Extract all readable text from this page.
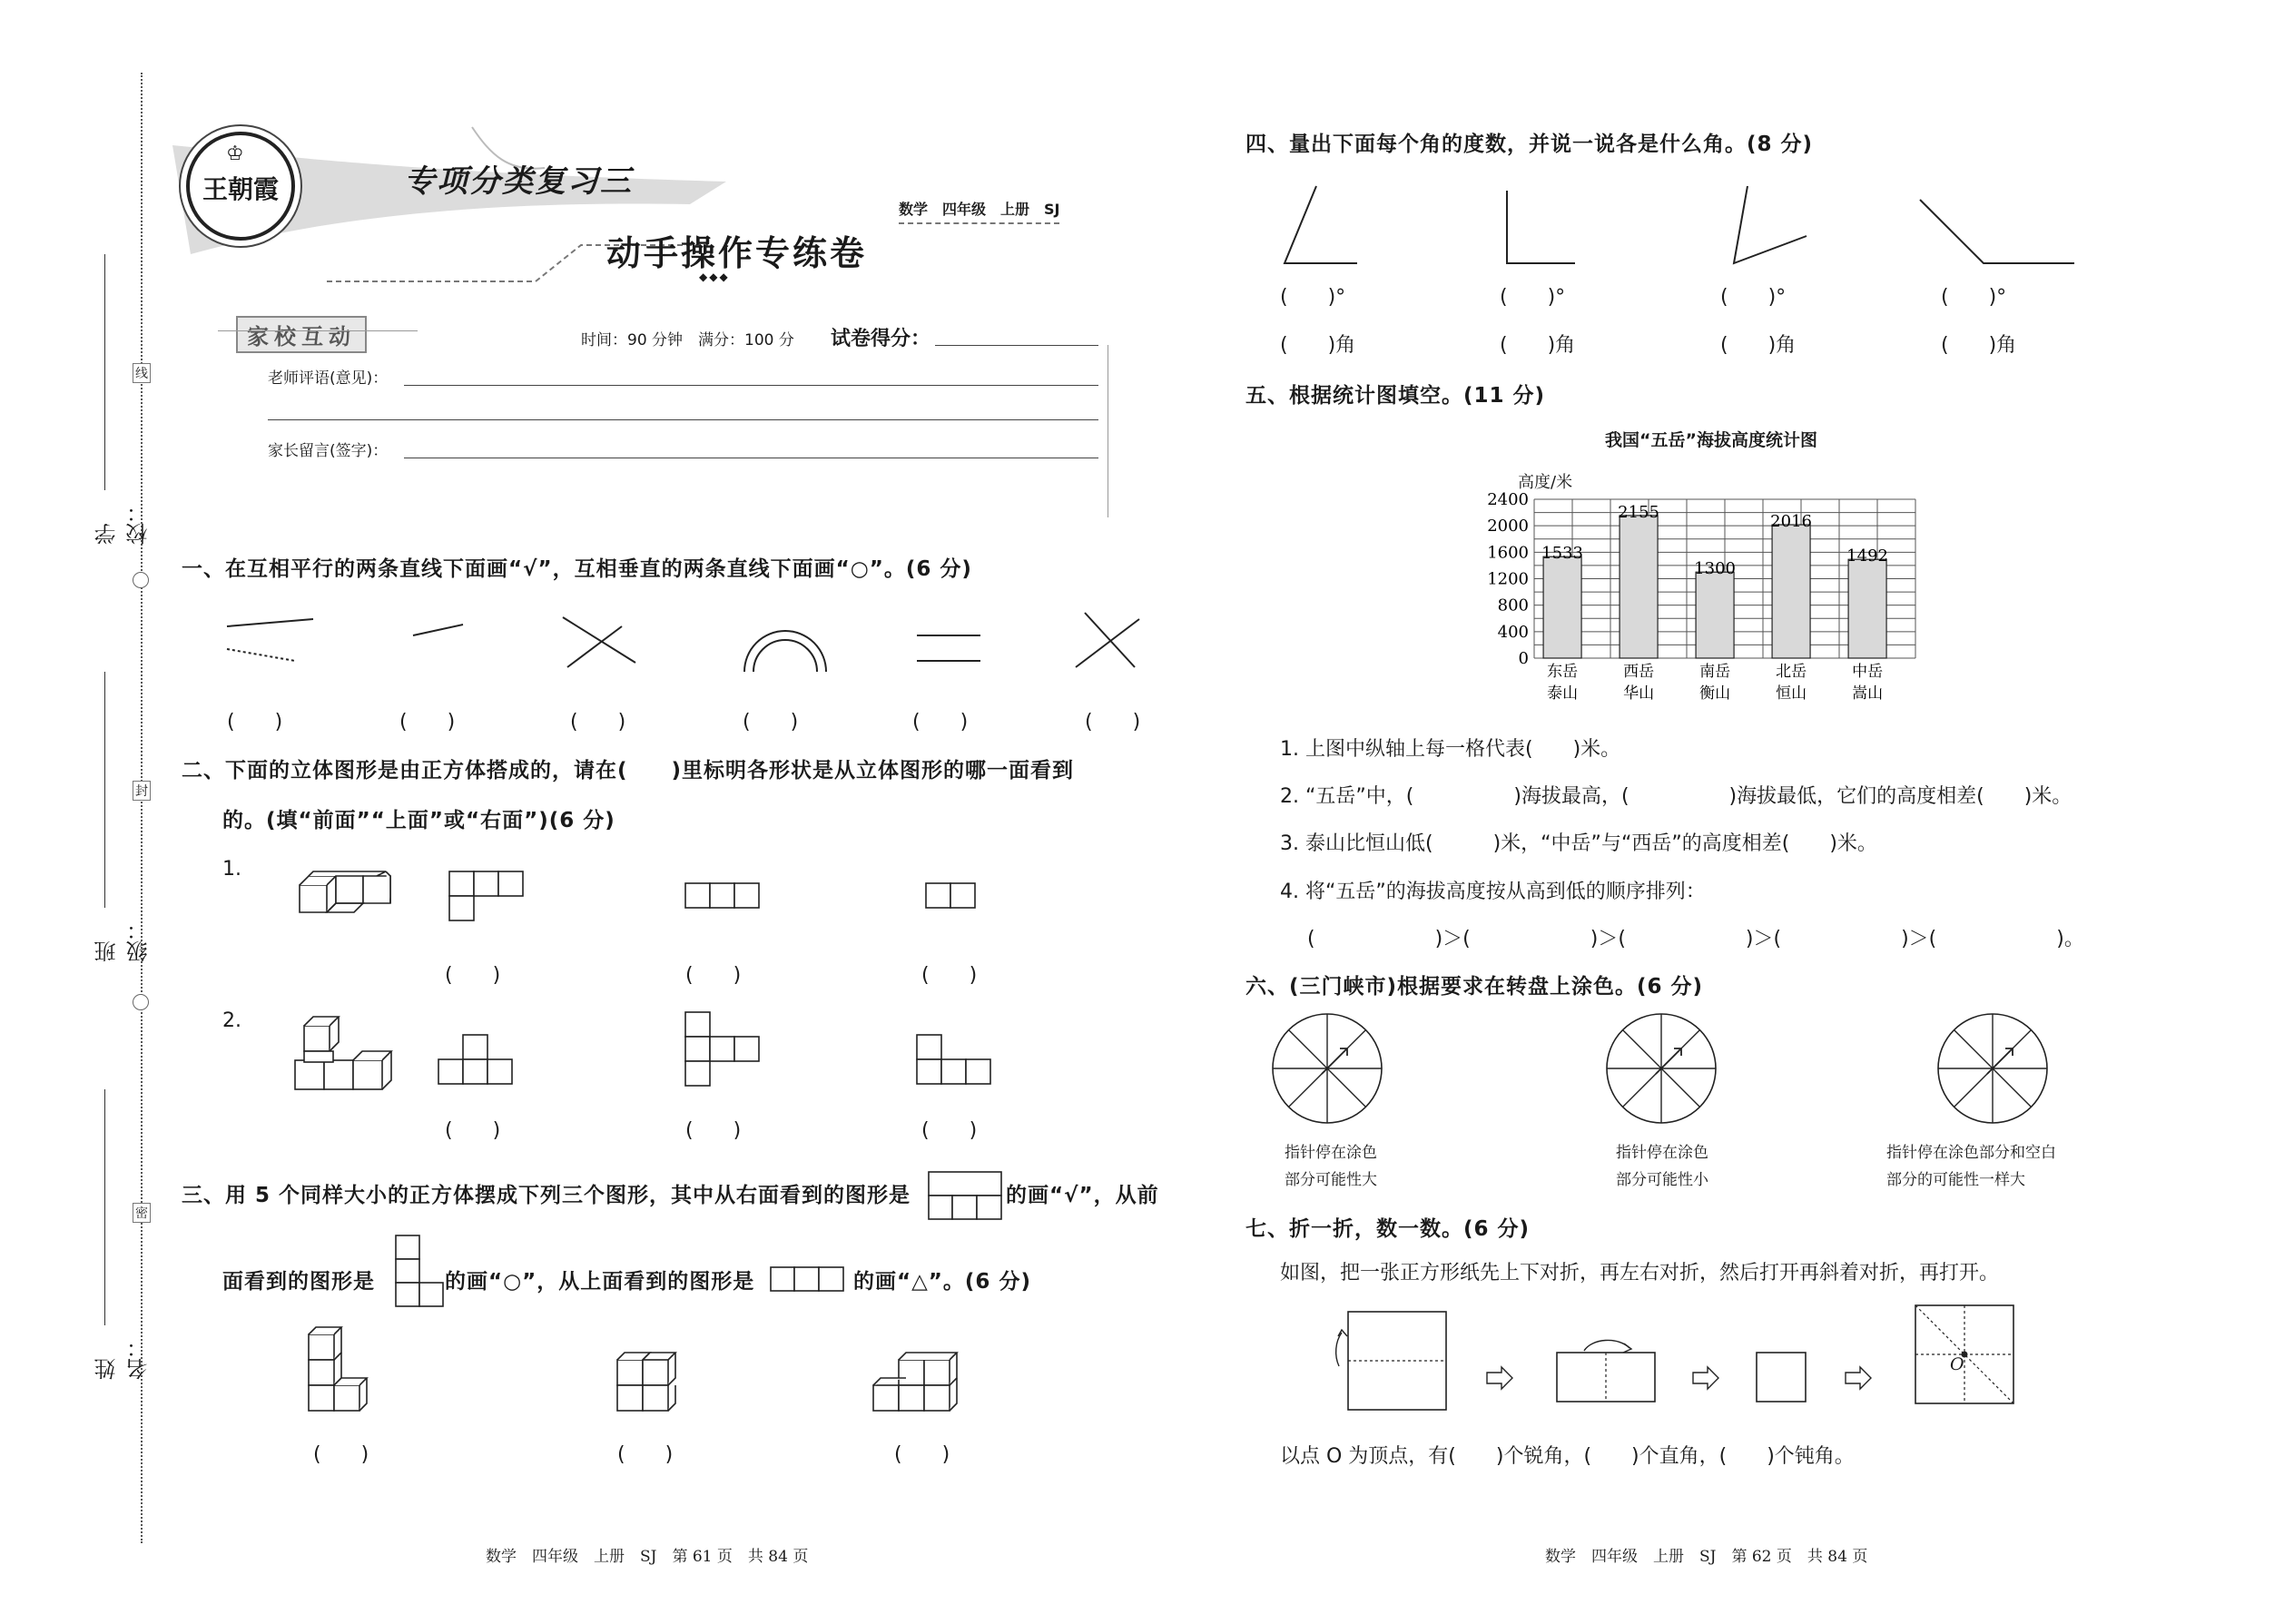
线
封
密
学校：
班级：
姓名：
♔
王朝霞	专项分类复习三
数学　四年级　上册　SJ
动手操作专练卷
◆◆◆
家校互动	时间：90 分钟　满分：100 分 试卷得分：
老师评语(意见)：
家长留言(签字)：
一、在互相平行的两条直线下面画“√”，互相垂直的两条直线下面画“○”。(6 分)
(　　)	(　　)	(　　)	(　　)	(　　)	(　　)
二、下面的立体图形是由正方体搭成的，请在(　　)里标明各形状是从立体图形的哪一面看到
的。(填“前面”“上面”或“右面”)(6 分)
1.
2.
(　　)	(　　)	(　　)
(　　)	(　　)	(　　)
三、用 5 个同样大小的正方体摆成下列三个图形，其中从右面看到的图形是	的画“√”，从前
面看到的图形是	的画“○”，从上面看到的图形是	的画“△”。(6 分)
(　　)	(　　)	(　　)
数学　四年级　上册　SJ　第 61 页　共 84 页
四、量出下面每个角的度数，并说一说各是什么角。(8 分)
(　　)°	(　　)°	(　　)°	(　　)°
(　　)角	(　　)角	(　　)角	(　　)角
五、根据统计图填空。(11 分)
我国“五岳”海拔高度统计图
高度/米
0
400
800
1200
1600
2000
2400
1533
东岳
泰山
2155
西岳
华山
1300
南岳
衡山
2016
北岳
恒山
1492
中岳
嵩山
1. 上图中纵轴上每一格代表(　　)米。
2. “五岳”中，(　　　　　)海拔最高，(　　　　　)海拔最低，它们的高度相差(　　)米。
3. 泰山比恒山低(　　　)米，“中岳”与“西岳”的高度相差(　　)米。
4. 将“五岳”的海拔高度按从高到低的顺序排列：
(　　　　　　)＞(　　　　　　)＞(　　　　　　)＞(　　　　　　)＞(　　　　　　)。
六、(三门峡市)根据要求在转盘上涂色。(6 分)
指针停在涂色
部分可能性大
指针停在涂色
部分可能性小
指针停在涂色部分和空白
部分的可能性一样大
七、折一折，数一数。(6 分)
如图，把一张正方形纸先上下对折，再左右对折，然后打开再斜着对折，再打开。
O
以点 O 为顶点，有(　　)个锐角，(　　)个直角，(　　)个钝角。
数学　四年级　上册　SJ　第 62 页　共 84 页
